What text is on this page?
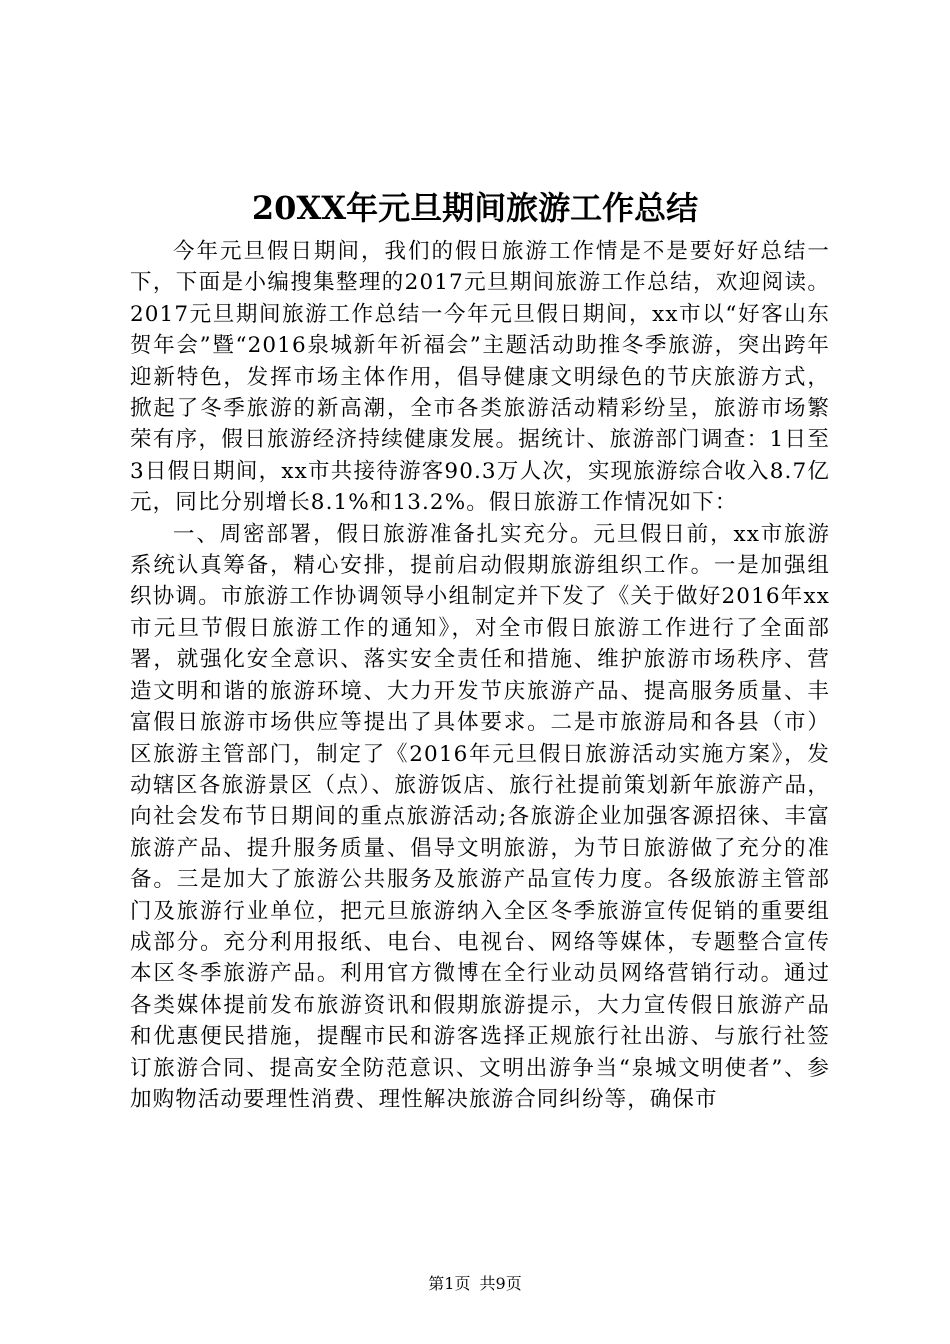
20XX年元旦期间旅游工作总结

今年元旦假日期间，我们的假日旅游工作情是不是要好好总结一下，下面是小编搜集整理的2017元旦期间旅游工作总结，欢迎阅读。2017元旦期间旅游工作总结一今年元旦假日期间，xx市以“好客山东贺年会”暨“2016泉城新年祈福会”主题活动助推冬季旅游，突出跨年迎新特色，发挥市场主体作用，倡导健康文明绿色的节庆旅游方式，掀起了冬季旅游的新高潮，全市各类旅游活动精彩纷呈，旅游市场繁荣有序，假日旅游经济持续健康发展。据统计、旅游部门调查：1日至3日假日期间，xx市共接待游客90.3万人次，实现旅游综合收入8.7亿元，同比分别增长8.1%和13.2%。假日旅游工作情况如下：

一、周密部署，假日旅游准备扎实充分。元旦假日前，xx市旅游系统认真筹备，精心安排，提前启动假期旅游组织工作。一是加强组织协调。市旅游工作协调领导小组制定并下发了《关于做好2016年xx市元旦节假日旅游工作的通知》，对全市假日旅游工作进行了全面部署，就强化安全意识、落实安全责任和措施、维护旅游市场秩序、营造文明和谐的旅游环境、大力开发节庆旅游产品、提高服务质量、丰富假日旅游市场供应等提出了具体要求。二是市旅游局和各县（市）区旅游主管部门，制定了《2016年元旦假日旅游活动实施方案》，发动辖区各旅游景区（点）、旅游饭店、旅行社提前策划新年旅游产品，向社会发布节日期间的重点旅游活动;各旅游企业加强客源招徕、丰富旅游产品、提升服务质量、倡导文明旅游，为节日旅游做了充分的准备。三是加大了旅游公共服务及旅游产品宣传力度。各级旅游主管部门及旅游行业单位，把元旦旅游纳入全区冬季旅游宣传促销的重要组成部分。充分利用报纸、电台、电视台、网络等媒体，专题整合宣传本区冬季旅游产品。利用官方微博在全行业动员网络营销行动。通过各类媒体提前发布旅游资讯和假期旅游提示，大力宣传假日旅游产品和优惠便民措施，提醒市民和游客选择正规旅行社出游、与旅行社签订旅游合同、提高安全防范意识、文明出游争当“泉城文明使者”、参加购物活动要理性消费、理性解决旅游合同纠纷等，确保市

第1页 共9页
